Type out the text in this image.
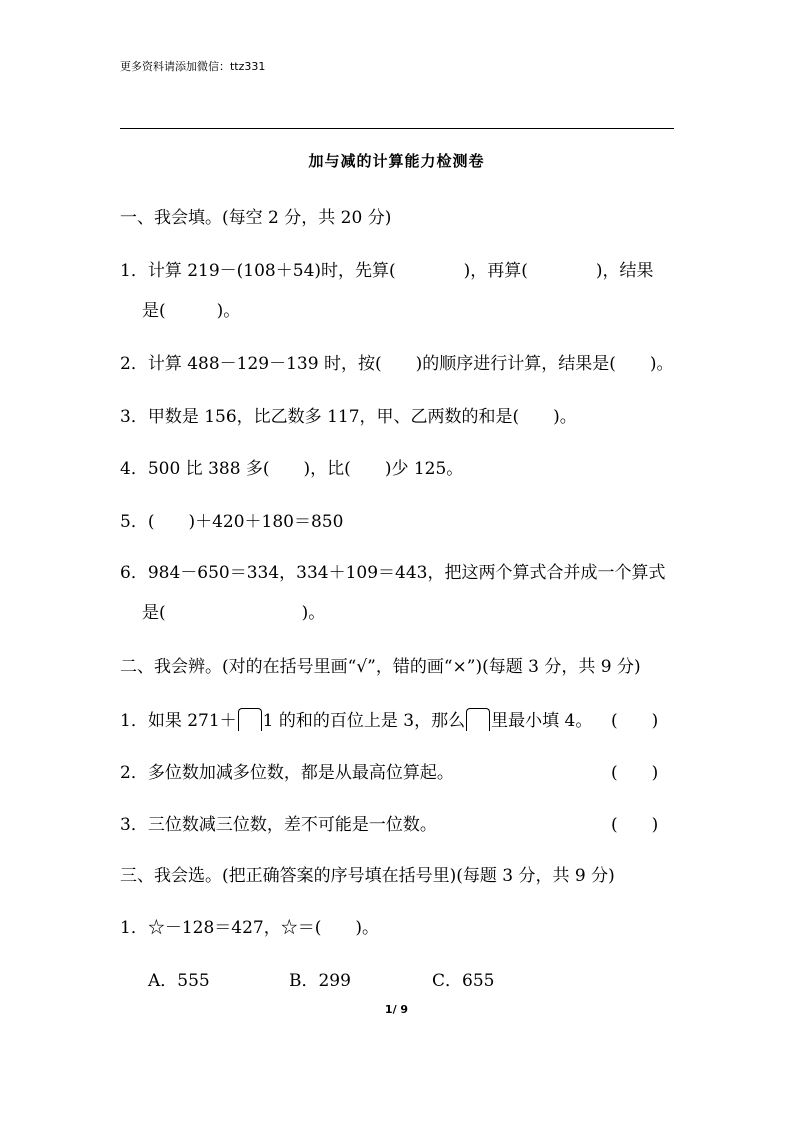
更多资料请添加微信：ttz331
加与减的计算能力检测卷
一、我会填。(每空 2 分，共 20 分)
1．计算 219－(108＋54)时，先算(　　　　)，再算(　　　　)，结果
是(　　　)。
2．计算 488－129－139 时，按(　　)的顺序进行计算，结果是(　　)。
3．甲数是 156，比乙数多 117，甲、乙两数的和是(　　)。
4．500 比 388 多(　　)，比(　　)少 125。
5．(　　)＋420＋180＝850
6．984－650＝334，334＋109＝443，把这两个算式合并成一个算式
是(　　　　　　　　)。
二、我会辨。(对的在括号里画“√”，错的画“×”)(每题 3 分，共 9 分)
1．如果 271＋ 1 的和的百位上是 3，那么 里最小填 4。 (　　)
2．多位数加减多位数，都是从最高位算起。	(　　)
3．三位数减三位数，差不可能是一位数。	(　　)
三、我会选。(把正确答案的序号填在括号里)(每题 3 分，共 9 分)
1．☆－128＝427，☆＝(　　)。
A．555	B．299	C．655
1/ 9
